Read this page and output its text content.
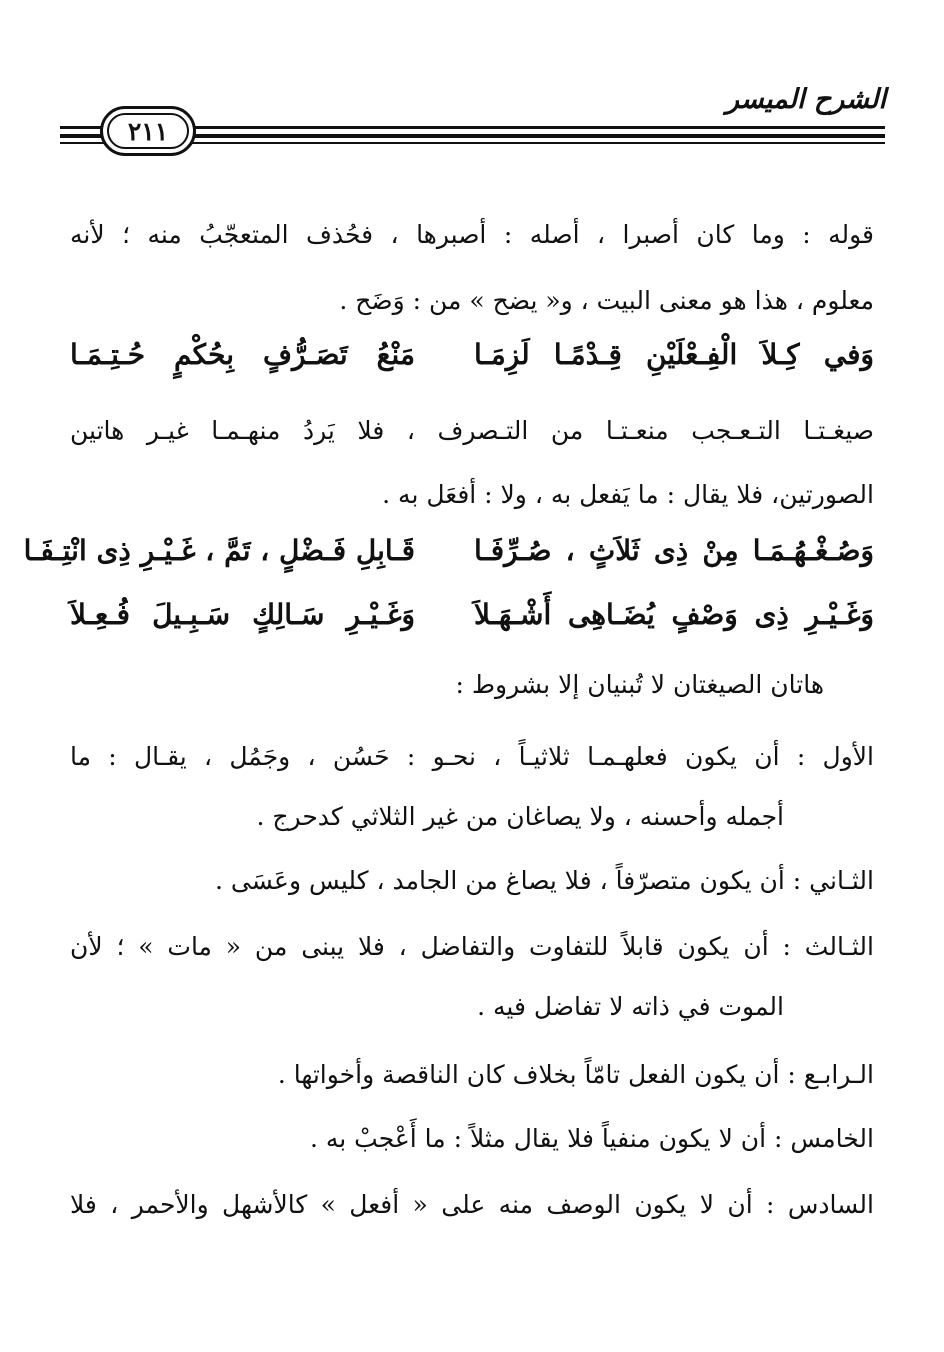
الشرح الميسر
٢١١
قوله : وما كان أصبرا ، أصله : أصبرها ، فحُذف المتعجّبُ منه ؛ لأنه
معلوم ، هذا هو معنى البيت ، و« يضح » من : وَضَح .
وَفي كِـلاَ الْفِـعْلَيْنِ قِـدْمًـا لَزِمَـا
مَنْعُ تَصَـرُّفٍ بِحُكْمٍ حُـتِـمَـا
صيغـتـا التـعـجب منعـتـا من التـصرف ، فلا يَردُ منهـمـا غيـر هاتين
الصورتين، فلا يقال : ما يَفعل به ، ولا : أفعَل به .
وَصُـغْـهُـمَـا مِنْ ذِى ثَلاَثٍ ، صُـرِّفَـا
قَـابِلِ فَـضْلٍ ، تَمَّ ، غَـيْـرِ ذِى انْتِـفَـا
وَغَـيْـرِ ذِى وَصْفٍ يُضَـاهِى أَشْـهَـلاَ
وَغَـيْـرِ سَـالِكٍ سَـبِـيلَ فُـعِـلاَ
هاتان الصيغتان لا تُبنيان إلا بشروط :
الأول : أن يكون فعلهـمـا ثلاثيـاً ، نحـو : حَسُن ، وجَمُل ، يقـال : ما
أجمله وأحسنه ، ولا يصاغان من غير الثلاثي كدحرج .
الثـاني : أن يكون متصرّفاً ، فلا يصاغ من الجامد ، كليس وعَسَى .
الثـالث : أن يكون قابلاً للتفاوت والتفاضل ، فلا يبنى من « مات » ؛ لأن
الموت في ذاته لا تفاضل فيه .
الـرابـع : أن يكون الفعل تامّاً بخلاف كان الناقصة وأخواتها .
الخامس : أن لا يكون منفياً فلا يقال مثلاً : ما أَعْجبْ به .
السادس : أن لا يكون الوصف منه على « أفعل » كالأشهل والأحمر ، فلا
